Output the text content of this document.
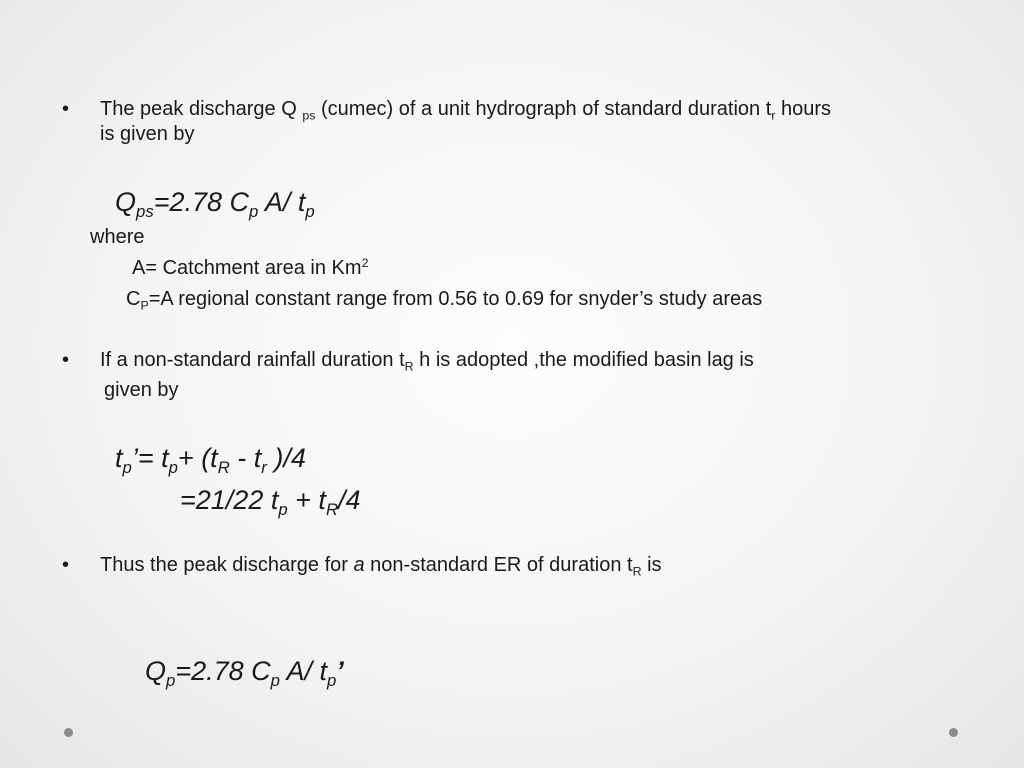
• The peak discharge Q $_{ps}$ (cumec) of a unit hydrograph of standard duration $t_r$ hours
is given by
$Q_{ps}=2.78$ $C_p$ A/ $t_p$
where
A= Catchment area in Km$^2$
$C_P=A$ regional constant range from 0.56 to 0.69 for snyder’s study areas
• If a non-standard rainfall duration $t_R$ h is adopted ,the modified basin lag is
given by
$t_p’= t_p+ (t_R - t_r$ )/4
=21/22 $t_p + t_R/4$
• Thus the peak discharge for a non-standard ER of duration $t_R$ is
$Q_p=2.78$ $C_p$ A/ $t_p$’
